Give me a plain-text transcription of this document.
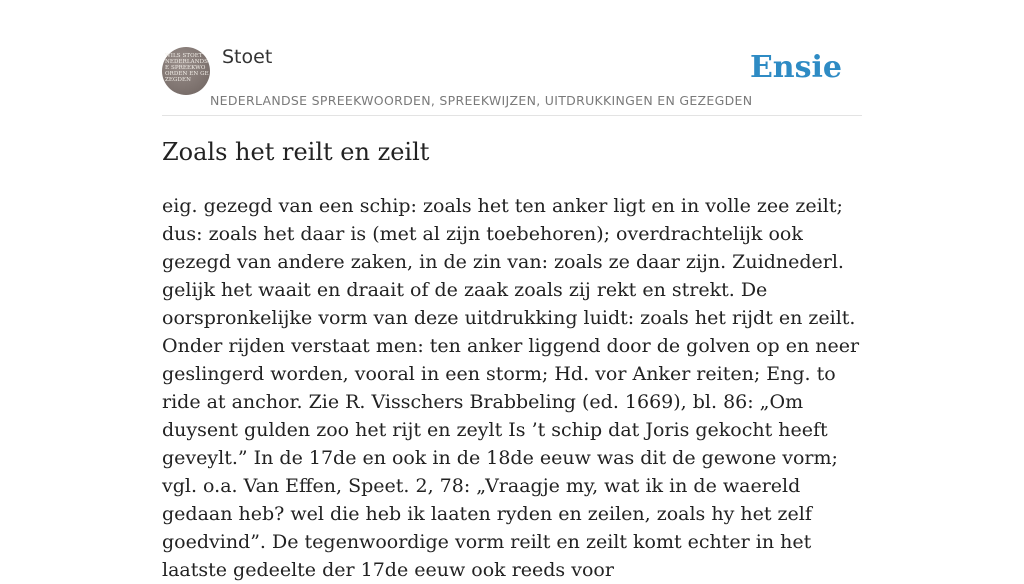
WILS STOET NEDERLANDSE SPREEKWOORDEN EN GEZEGDEN
Stoet
NEDERLANDSE SPREEKWOORDEN, SPREEKWIJZEN, UITDRUKKINGEN EN GEZEGDEN
Ensie
Zoals het reilt en zeilt

eig. gezegd van een schip: zoals het ten anker ligt en in volle zee zeilt; dus: zoals het daar is (met al zijn toebehoren); overdrachtelijk ook gezegd van andere zaken, in de zin van: zoals ze daar zijn. Zuidnederl. gelijk het waait en draait of de zaak zoals zij rekt en strekt. De oorspronkelijke vorm van deze uitdrukking luidt: zoals het rijdt en zeilt. Onder rijden verstaat men: ten anker liggend door de golven op en neer geslingerd worden, vooral in een storm; Hd. vor Anker reiten; Eng. to ride at anchor. Zie R. Visschers Brabbeling (ed. 1669), bl. 86: „Om duysent gulden zoo het rijt en zeylt Is ’t schip dat Joris gekocht heeft geveylt.” In de 17de en ook in de 18de eeuw was dit de gewone vorm; vgl. o.a. Van Effen, Speet. 2, 78: „Vraagje my, wat ik in de waereld gedaan heb? wel die heb ik laaten ryden en zeilen, zoals hy het zelf goedvind”. De tegenwoordige vorm reilt en zeilt komt echter in het laatste gedeelte der 17de eeuw ook reeds voor
